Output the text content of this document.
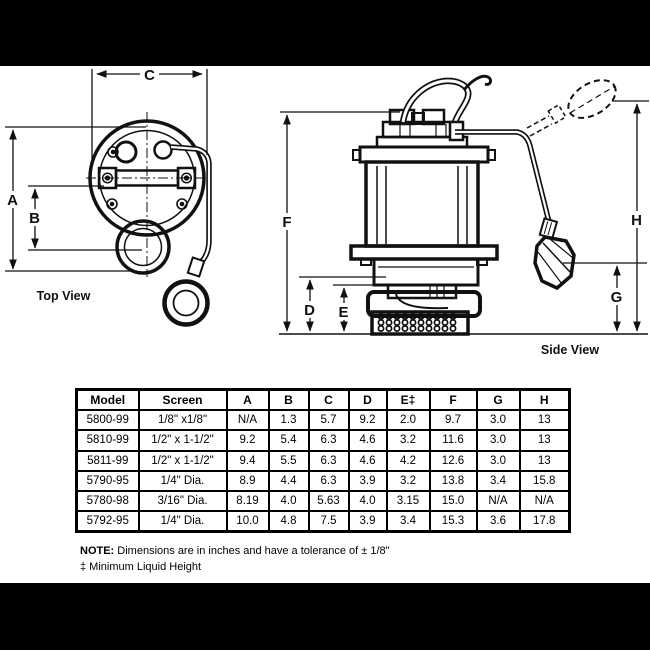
C
A
B	F
D E
H
G
Top View
Side View
Model	Screen	A	B	C	D	E‡	F	G	H
5800-99	1/8" x1/8"	N/A	1.3	5.7	9.2	2.0	9.7	3.0	13
5810-99	1/2" x 1-1/2"	9.2	5.4	6.3	4.6	3.2	11.6	3.0	13
5811-99	1/2" x 1-1/2"	9.4	5.5	6.3	4.6	4.2	12.6	3.0	13
5790-95	1/4" Dia.	8.9	4.4	6.3	3.9	3.2	13.8	3.4	15.8
5780-98	3/16" Dia.	8.19	4.0	5.63	4.0	3.15	15.0	N/A	N/A
5792-95	1/4" Dia.	10.0	4.8	7.5	3.9	3.4	15.3	3.6	17.8
NOTE: Dimensions are in inches and have a tolerance of ± 1/8"
‡ Minimum Liquid Height
